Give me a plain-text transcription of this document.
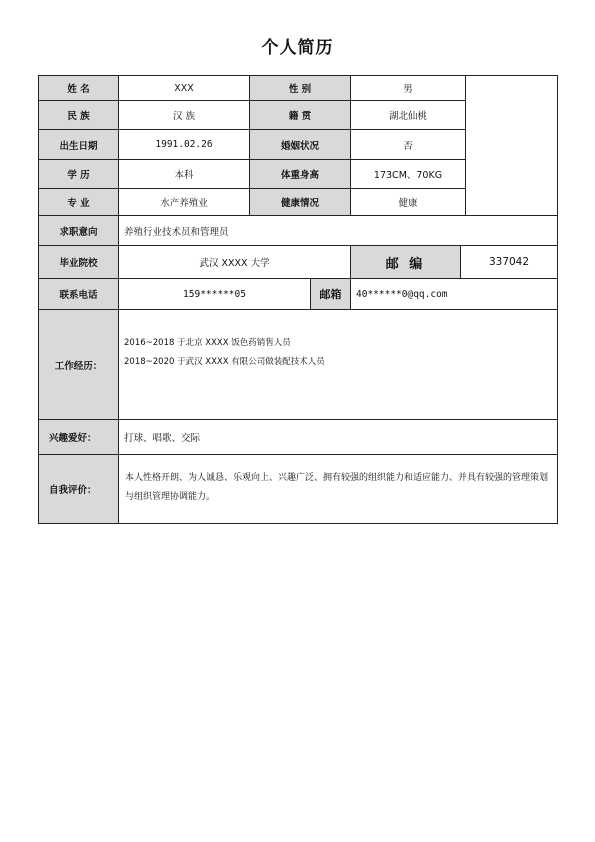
个人简历
姓 名	XXX	性 别	男
民 族	汉 族	籍 贯	湖北仙桃
出生日期	1991.02.26	婚姻状况	否
学 历	本科	体重身高	173CM、70KG
专 业	水产养殖业	健康情况	健康
求职意向	养殖行业技术员和管理员
毕业院校	武汉 XXXX 大学	邮 编	337042
联系电话	159******05	邮箱	40******0@qq.com
工作经历：
2016~2018 于北京 XXXX 饭色药销售人员
2018~2020 于武汉 XXXX 有限公司做装配技术人员
兴趣爱好：	打球、唱歌、交际
自我评价：
本人性格开朗、为人诚恳、乐观向上、兴趣广泛、拥有较强的组织能力和适应能力、并具有较强的管理策划与组织管理协调能力。
